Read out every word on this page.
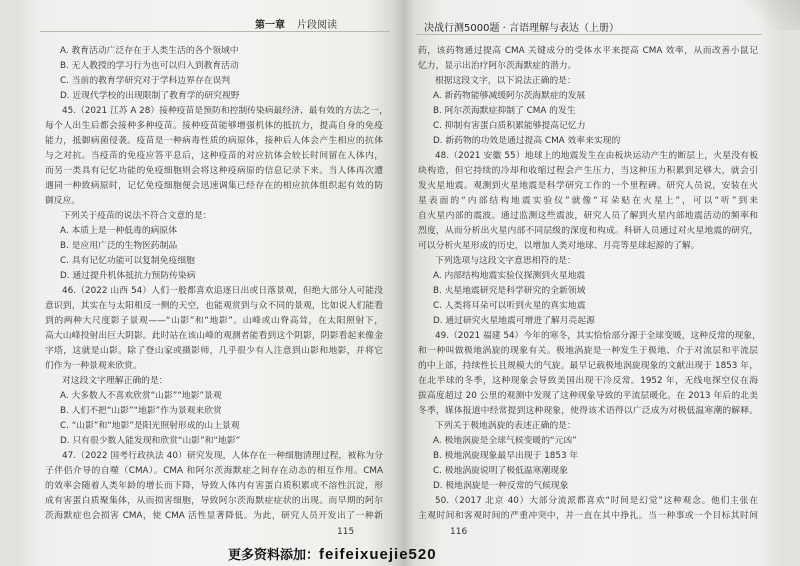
第一章 片段阅读	决战行测5000题 · 言语理解与表达（上册）
A. 教育活动广泛存在于人类生活的各个领域中
B. 无人教授的学习行为也可以归入到教育活动
C. 当前的教育学研究对于学科边界存在误判
D. 近现代学校的出现限制了教育学的研究视野
45.（2021 江苏 A 28）接种疫苗是预防和控制传染病最经济、最有效的方法之一，
每个人出生后都会接种多种疫苗。接种疫苗能够增强机体的抵抗力，提高自身的免疫
能力，抵御病菌侵袭。疫苗是一种病毒性质的病原体，接种后人体会产生相应的抗体
与之对抗。当疫苗的免疫应答平息后，这种疫苗的对应抗体会较长时间留在人体内，
而另一类具有记忆功能的免疫细胞则会将这种疫病原的信息记录下来。当人体再次遭
遇同一种致病原时，记忆免疫细胞便会迅速调集已经存在的相应抗体组织起有效的防
御反应。
下列关于疫苗的说法不符合文意的是：
A. 本质上是一种低毒的病原体
B. 是应用广泛的生物医药制品
C. 具有记忆功能可以复制免疫细胞
D. 通过提升机体抵抗力预防传染病
46.（2022 山西 54）人们一般都喜欢追逐日出或日落景观，但绝大部分人可能没
意识到，其实在与太阳相反一侧的天空，也能观赏到与众不同的景观，比如说人们能看
到的两种大尺度影子景观——“山影”和“地影”。山峰或山脊高耸，在太阳照射下，
高大山峰投射出巨大阴影。此时站在该山峰的观测者能看到这个阴影，阴影看起来像金
字塔，这就是山影。除了登山家或摄影师，几乎很少有人注意到山影和地影，并将它
们作为一种景观来欣赏。
对这段文字理解正确的是：
A. 大多数人不喜欢欣赏“山影”“地影”景观
B. 人们不把“山影”“地影”作为景观来欣赏
C. “山影”和“地影”是阳光照射形成的山上景观
D. 只有很少数人能发现和欣赏“山影”和“地影”
47.（2022 国考行政执法 40）研究发现，人体存在一种细胞清理过程，被称为分
子伴侣介导的自噬（CMA）。CMA 和阿尔茨海默症之间存在动态的相互作用。CMA
的效率会随着人类年龄的增长而下降，导致人体内有害蛋白质积累或不溶性沉淀，形
成有害蛋白质聚集体，从而损害细胞，导致阿尔茨海默症症状的出现。而早期的阿尔
茨海默症也会损害 CMA，使 CMA 活性显著降低。为此，研究人员开发出了一种新
药，该药物通过提高 CMA 关键成分的受体水平来提高 CMA 效率，从而改善小鼠记
忆力，显示出治疗阿尔茨海默症的潜力。
根据这段文字，以下说法正确的是：
A. 新药物能够减缓阿尔茨海默症的发展
B. 阿尔茨海默症抑制了 CMA 的发生
C. 抑制有害蛋白质积累能够提高记忆力
D. 新药物的功效是通过提高 CMA 效率来实现的
48.（2021 安徽 55）地球上的地震发生在由板块运动产生的断层上，火星没有板
块构造，但它持续的冷却和收缩过程会产生压力，当这种压力积累到足够大，就会引
发火星地震。观测到火星地震是科学研究工作的一个里程碑。研究人员说，安装在火
星表面的“内部结构地震实验仪”就像“耳朵贴在火星上”，可以“听”到来
自火星内部的震波。通过监测这些震波，研究人员了解到火星内部地震活动的频率和
烈度，从而分析出火星内部不同层级的深度和构成。科研人员通过对火星地震的研究，
可以分析火星形成的历史，以增加人类对地球、月亮等星球起源的了解。
下列选项与这段文字意思相符的是：
A. 内部结构地震实验仪探测到火星地震
B. 火星地震研究是科学研究的全新领域
C. 人类将耳朵可以听到火星的真实地震
D. 通过研究火星地震可增进了解月亮起源
49.（2021 福建 54）今年的寒冬，其实恰恰部分源于全球变暖，这种反常的现象，
和一种叫做极地涡旋的现象有关。极地涡旋是一种发生于极地、介于对流层和平流层
的中上部，持续性长且规模大的气旋。最早记载极地涡旋现象的文献出现于 1853 年，
在北半球的冬季，这种现象会导致美国出现干冷反常。1952 年，无线电探空仪在海
拔高度超过 20 公里的观测中发现了这种现象导致的平流层暖化。在 2013 年后的北美
冬季，媒体报道中经常提到这种现象，使得该术语得以广泛成为对极低温寒潮的解释。
下列关于极地涡旋的表述正确的是：
A. 极地涡旋是全球气候变暖的“元凶”
B. 极地涡旋现象最早出现于 1853 年
C. 极地涡旋说明了极低温寒潮现象
D. 极地涡旋是一种反常的气候现象
50.（2017 北京 40）大部分流派都喜欢“时间是幻觉”这种观念。他们主张在
主观时间和客观时间的严重冲突中，并一直在其中挣扎。当一种事或一个目标其时间
115	116
更多资料添加：feifeixuejie520
